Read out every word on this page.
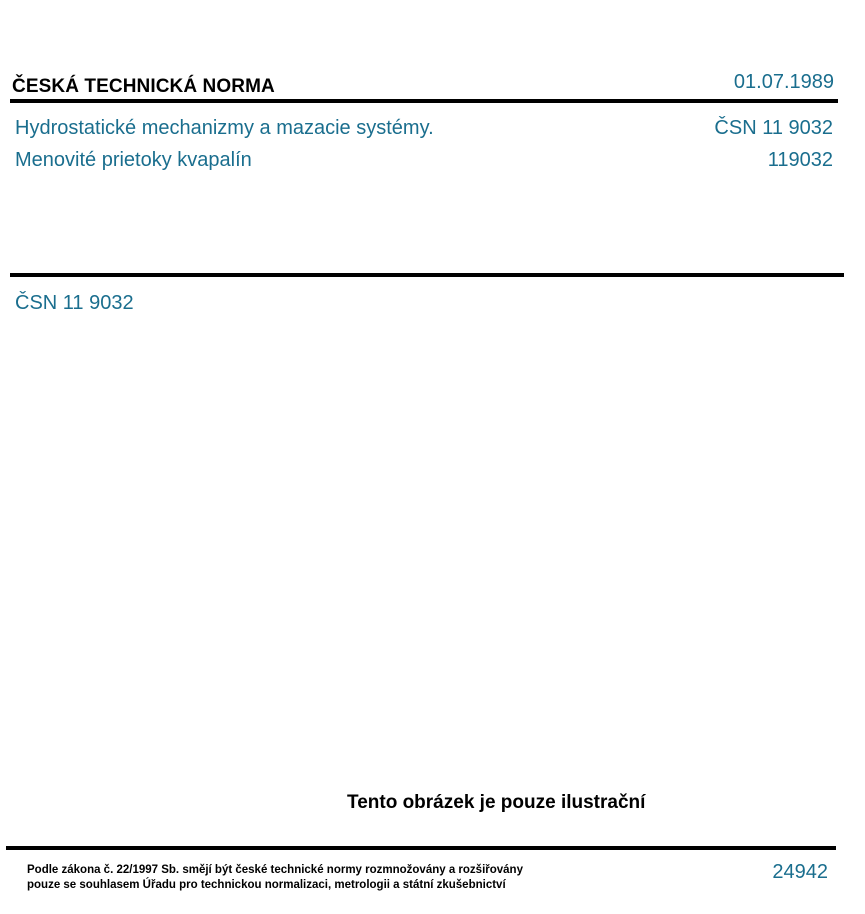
ČESKÁ TECHNICKÁ NORMA	01.07.1989
Hydrostatické mechanizmy a mazacie systémy.
Menovité prietoky kvapalín
ČSN 11 9032
119032
ČSN 11 9032
Tento obrázek je pouze ilustrační
Podle zákona č. 22/1997 Sb. smějí být české technické normy rozmnožovány a rozšiřovány
pouze se souhlasem Úřadu pro technickou normalizaci, metrologii a státní zkušebnictví
24942
